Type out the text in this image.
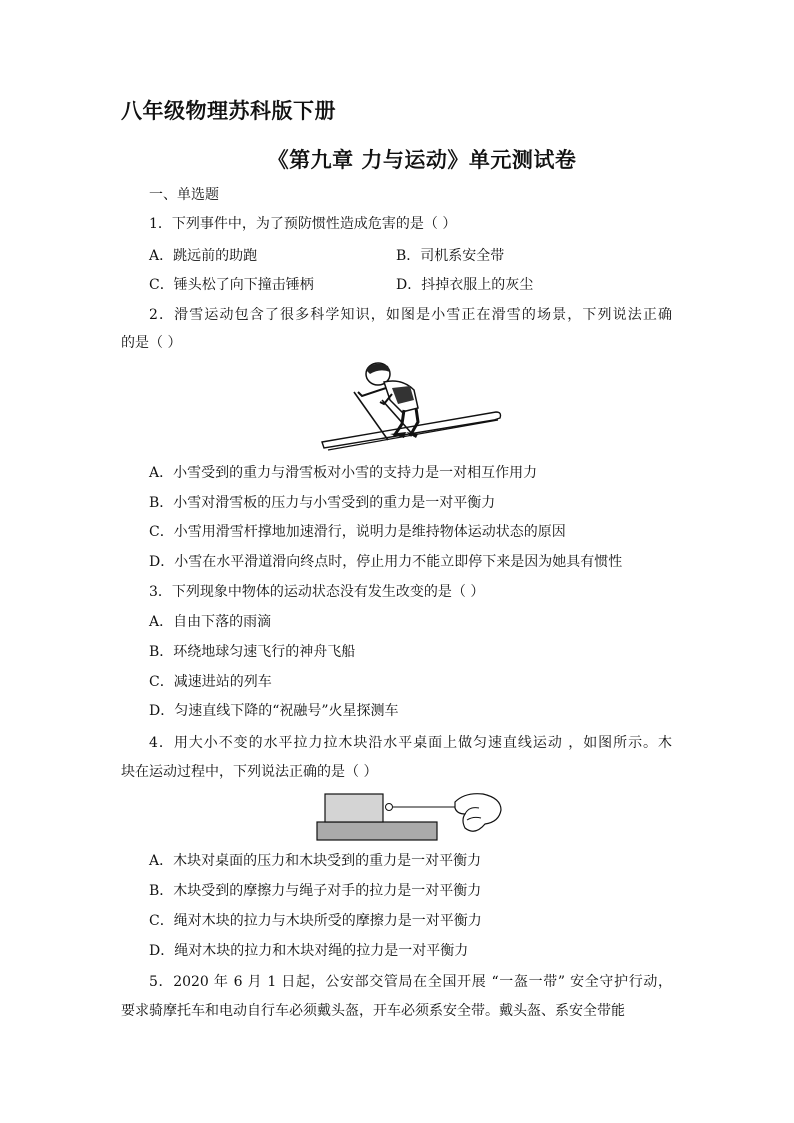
八年级物理苏科版下册
《第九章 力与运动》单元测试卷
一、单选题
1．下列事件中，为了预防惯性造成危害的是（ ）
A．跳远前的助跑	B．司机系安全带
C．锤头松了向下撞击锤柄	D．抖掉衣服上的灰尘
2．滑雪运动包含了很多科学知识，如图是小雪正在滑雪的场景，下列说法正确
的是（ ）
A．小雪受到的重力与滑雪板对小雪的支持力是一对相互作用力
B．小雪对滑雪板的压力与小雪受到的重力是一对平衡力
C．小雪用滑雪杆撑地加速滑行，说明力是维持物体运动状态的原因
D．小雪在水平滑道滑向终点时，停止用力不能立即停下来是因为她具有惯性
3．下列现象中物体的运动状态没有发生改变的是（ ）
A．自由下落的雨滴
B．环绕地球匀速飞行的神舟飞船
C．减速进站的列车
D．匀速直线下降的“祝融号”火星探测车
4．用大小不变的水平拉力拉木块沿水平桌面上做匀速直线运动 ，如图所示。木
块在运动过程中，下列说法正确的是（ ）
A．木块对桌面的压力和木块受到的重力是一对平衡力
B．木块受到的摩擦力与绳子对手的拉力是一对平衡力
C．绳对木块的拉力与木块所受的摩擦力是一对平衡力
D．绳对木块的拉力和木块对绳的拉力是一对平衡力
5．2020 年 6 月 1 日起，公安部交管局在全国开展 “一盔一带” 安全守护行动，
要求骑摩托车和电动自行车必须戴头盔，开车必须系安全带。戴头盔、系安全带能
